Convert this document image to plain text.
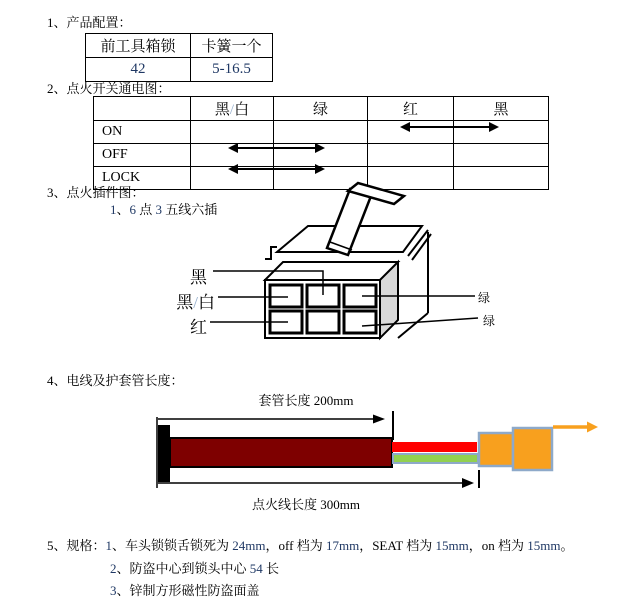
1、产品配置：
前工具箱锁	卡簧一个
42	5-16.5
2、点火开关通电图：
	黑/白	绿	红	黑
ON				
OFF				
LOCK				
3、点火插件图：
1、6 点 3 五线六插
黑
黑/白
红
绿
绿
4、电线及护套管长度：
套管长度 200mm
点火线长度 300mm
5、规格：1、车头锁锁舌锁死为 24mm，off 档为 17mm，SEAT 档为 15mm，on 档为 15mm。
2、防盗中心到锁头中心 54 长
3、锌制方形磁性防盗面盖
